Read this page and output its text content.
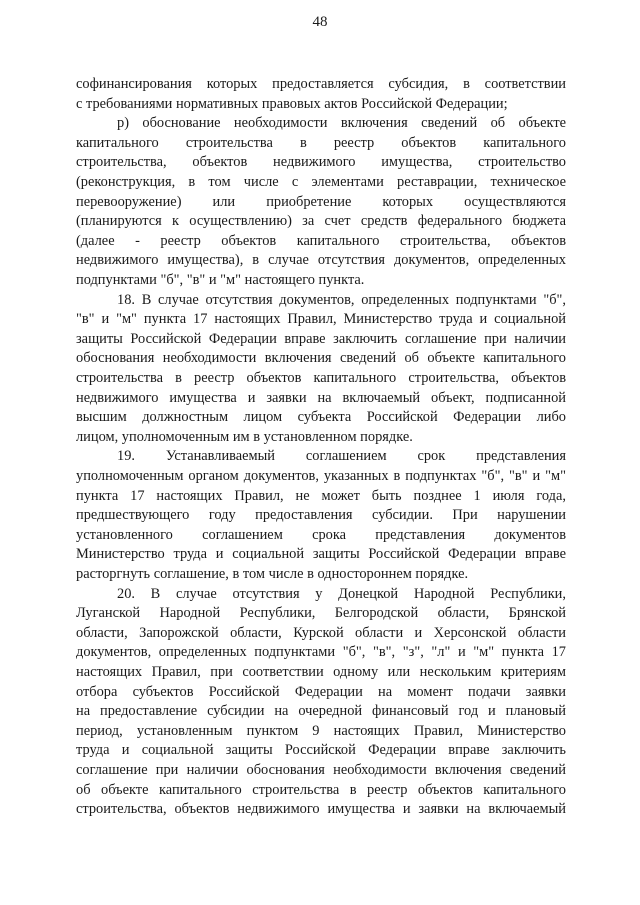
48
софинансирования которых предоставляется субсидия, в соответствии
с требованиями нормативных правовых актов Российской Федерации;
р) обоснование необходимости включения сведений об объекте
капитального строительства в реестр объектов капитального
строительства, объектов недвижимого имущества, строительство
(реконструкция, в том числе с элементами реставрации, техническое
перевооружение) или приобретение которых осуществляются
(планируются к осуществлению) за счет средств федерального бюджета
(далее - реестр объектов капитального строительства, объектов
недвижимого имущества), в случае отсутствия документов, определенных
подпунктами "б", "в" и "м" настоящего пункта.
18. В случае отсутствия документов, определенных подпунктами "б",
"в" и "м" пункта 17 настоящих Правил, Министерство труда и социальной
защиты Российской Федерации вправе заключить соглашение при наличии
обоснования необходимости включения сведений об объекте капитального
строительства в реестр объектов капитального строительства, объектов
недвижимого имущества и заявки на включаемый объект, подписанной
высшим должностным лицом субъекта Российской Федерации либо
лицом, уполномоченным им в установленном порядке.
19. Устанавливаемый соглашением срок представления
уполномоченным органом документов, указанных в подпунктах "б", "в" и "м"
пункта 17 настоящих Правил, не может быть позднее 1 июля года,
предшествующего году предоставления субсидии. При нарушении
установленного соглашением срока представления документов
Министерство труда и социальной защиты Российской Федерации вправе
расторгнуть соглашение, в том числе в одностороннем порядке.
20. В случае отсутствия у Донецкой Народной Республики,
Луганской Народной Республики, Белгородской области, Брянской
области, Запорожской области, Курской области и Херсонской области
документов, определенных подпунктами "б", "в", "з", "л" и "м" пункта 17
настоящих Правил, при соответствии одному или нескольким критериям
отбора субъектов Российской Федерации на момент подачи заявки
на предоставление субсидии на очередной финансовый год и плановый
период, установленным пунктом 9 настоящих Правил, Министерство
труда и социальной защиты Российской Федерации вправе заключить
соглашение при наличии обоснования необходимости включения сведений
об объекте капитального строительства в реестр объектов капитального
строительства, объектов недвижимого имущества и заявки на включаемый
